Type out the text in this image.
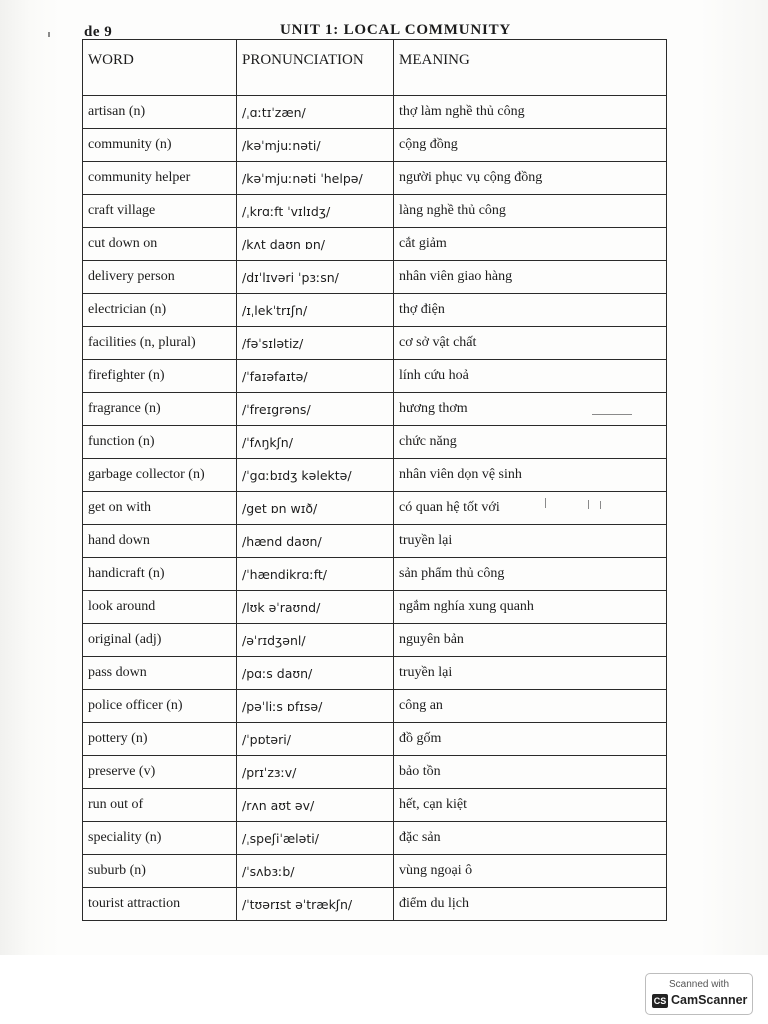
de 9	UNIT 1: LOCAL COMMUNITY
WORD	PRONUNCIATION	MEANING
artisan (n)	/ˌɑːtɪˈzæn/	thợ làm nghề thủ công
community (n)	/kəˈmjuːnəti/	cộng đồng
community helper	/kəˈmjuːnəti ˈhelpə/	người phục vụ cộng đồng
craft village	/ˌkrɑːft ˈvɪlɪdʒ/	làng nghề thủ công
cut down on	/kʌt daʊn ɒn/	cắt giảm
delivery person	/dɪˈlɪvəri ˈpɜːsn/	nhân viên giao hàng
electrician (n)	/ɪˌlekˈtrɪʃn/	thợ điện
facilities (n, plural)	/fəˈsɪlətiz/	cơ sở vật chất
firefighter (n)	/ˈfaɪəfaɪtə/	lính cứu hoả
fragrance (n)	/ˈfreɪgrəns/	hương thơm
function (n)	/ˈfʌŋkʃn/	chức năng
garbage collector (n)	/ˈgɑːbɪdʒ kəlektə/	nhân viên dọn vệ sinh
get on with	/get ɒn wɪð/	có quan hệ tốt với
hand down	/hænd daʊn/	truyền lại
handicraft (n)	/ˈhændikrɑːft/	sản phẩm thủ công
look around	/lʊk əˈraʊnd/	ngắm nghía xung quanh
original (adj)	/əˈrɪdʒənl/	nguyên bản
pass down	/pɑːs daʊn/	truyền lại
police officer (n)	/pəˈliːs ɒfɪsə/	công an
pottery (n)	/ˈpɒtəri/	đồ gốm
preserve (v)	/prɪˈzɜːv/	bảo tồn
run out of	/rʌn aʊt əv/	hết, cạn kiệt
speciality (n)	/ˌspeʃiˈæləti/	đặc sản
suburb (n)	/ˈsʌbɜːb/	vùng ngoại ô
tourist attraction	/ˈtʊərɪst əˈtrækʃn/	điểm du lịch
Scanned with
CS CamScanner
